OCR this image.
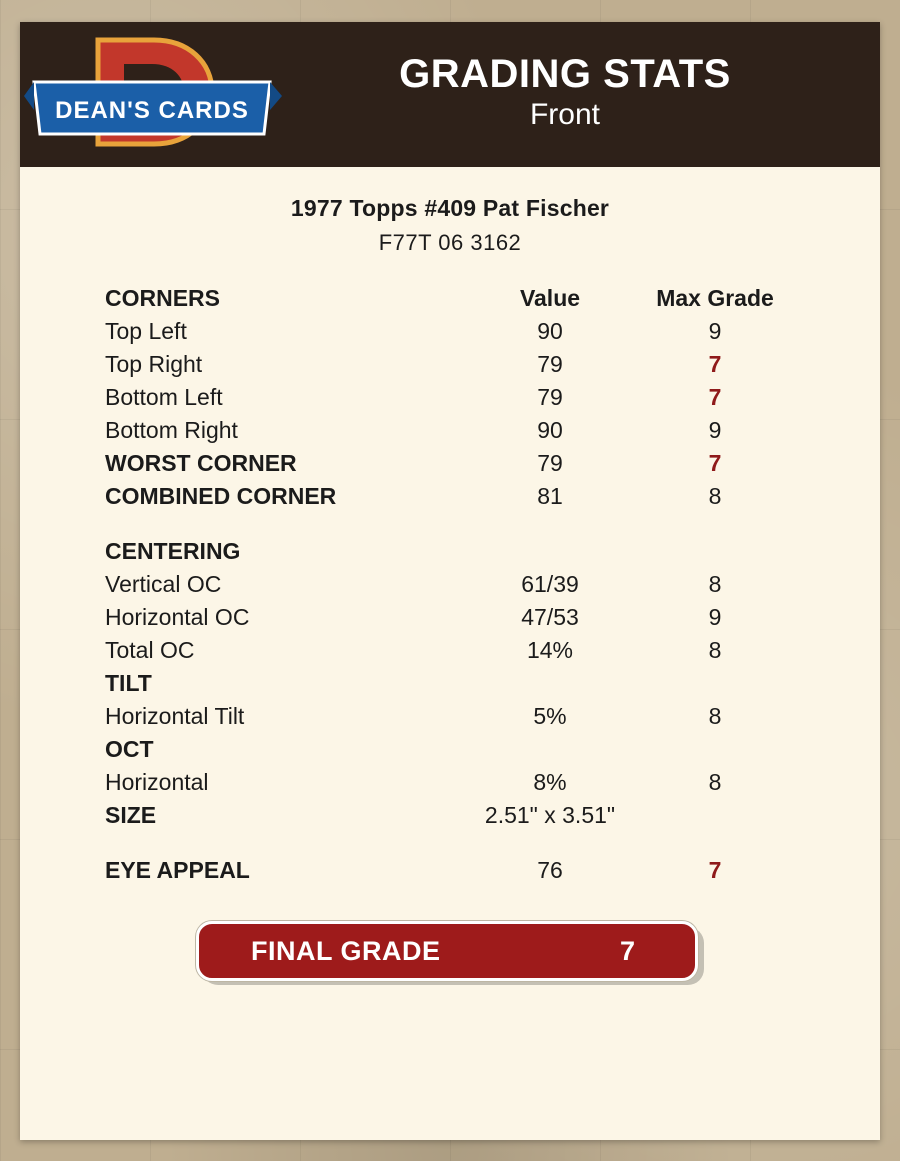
DEAN'S CARDS
GRADING STATS
Front
1977 Topps #409 Pat Fischer
F77T 06 3162
CORNERS	Value	Max Grade
Top Left	90	9
Top Right	79	7
Bottom Left	79	7
Bottom Right	90	9
WORST CORNER	79	7
COMBINED CORNER	81	8

CENTERING		
Vertical OC	61/39	8
Horizontal OC	47/53	9
Total OC	14%	8
TILT		
Horizontal Tilt	5%	8
OCT		
Horizontal	8%	8
SIZE	2.51" x 3.51"	

EYE APPEAL	76	7
FINAL GRADE	7
